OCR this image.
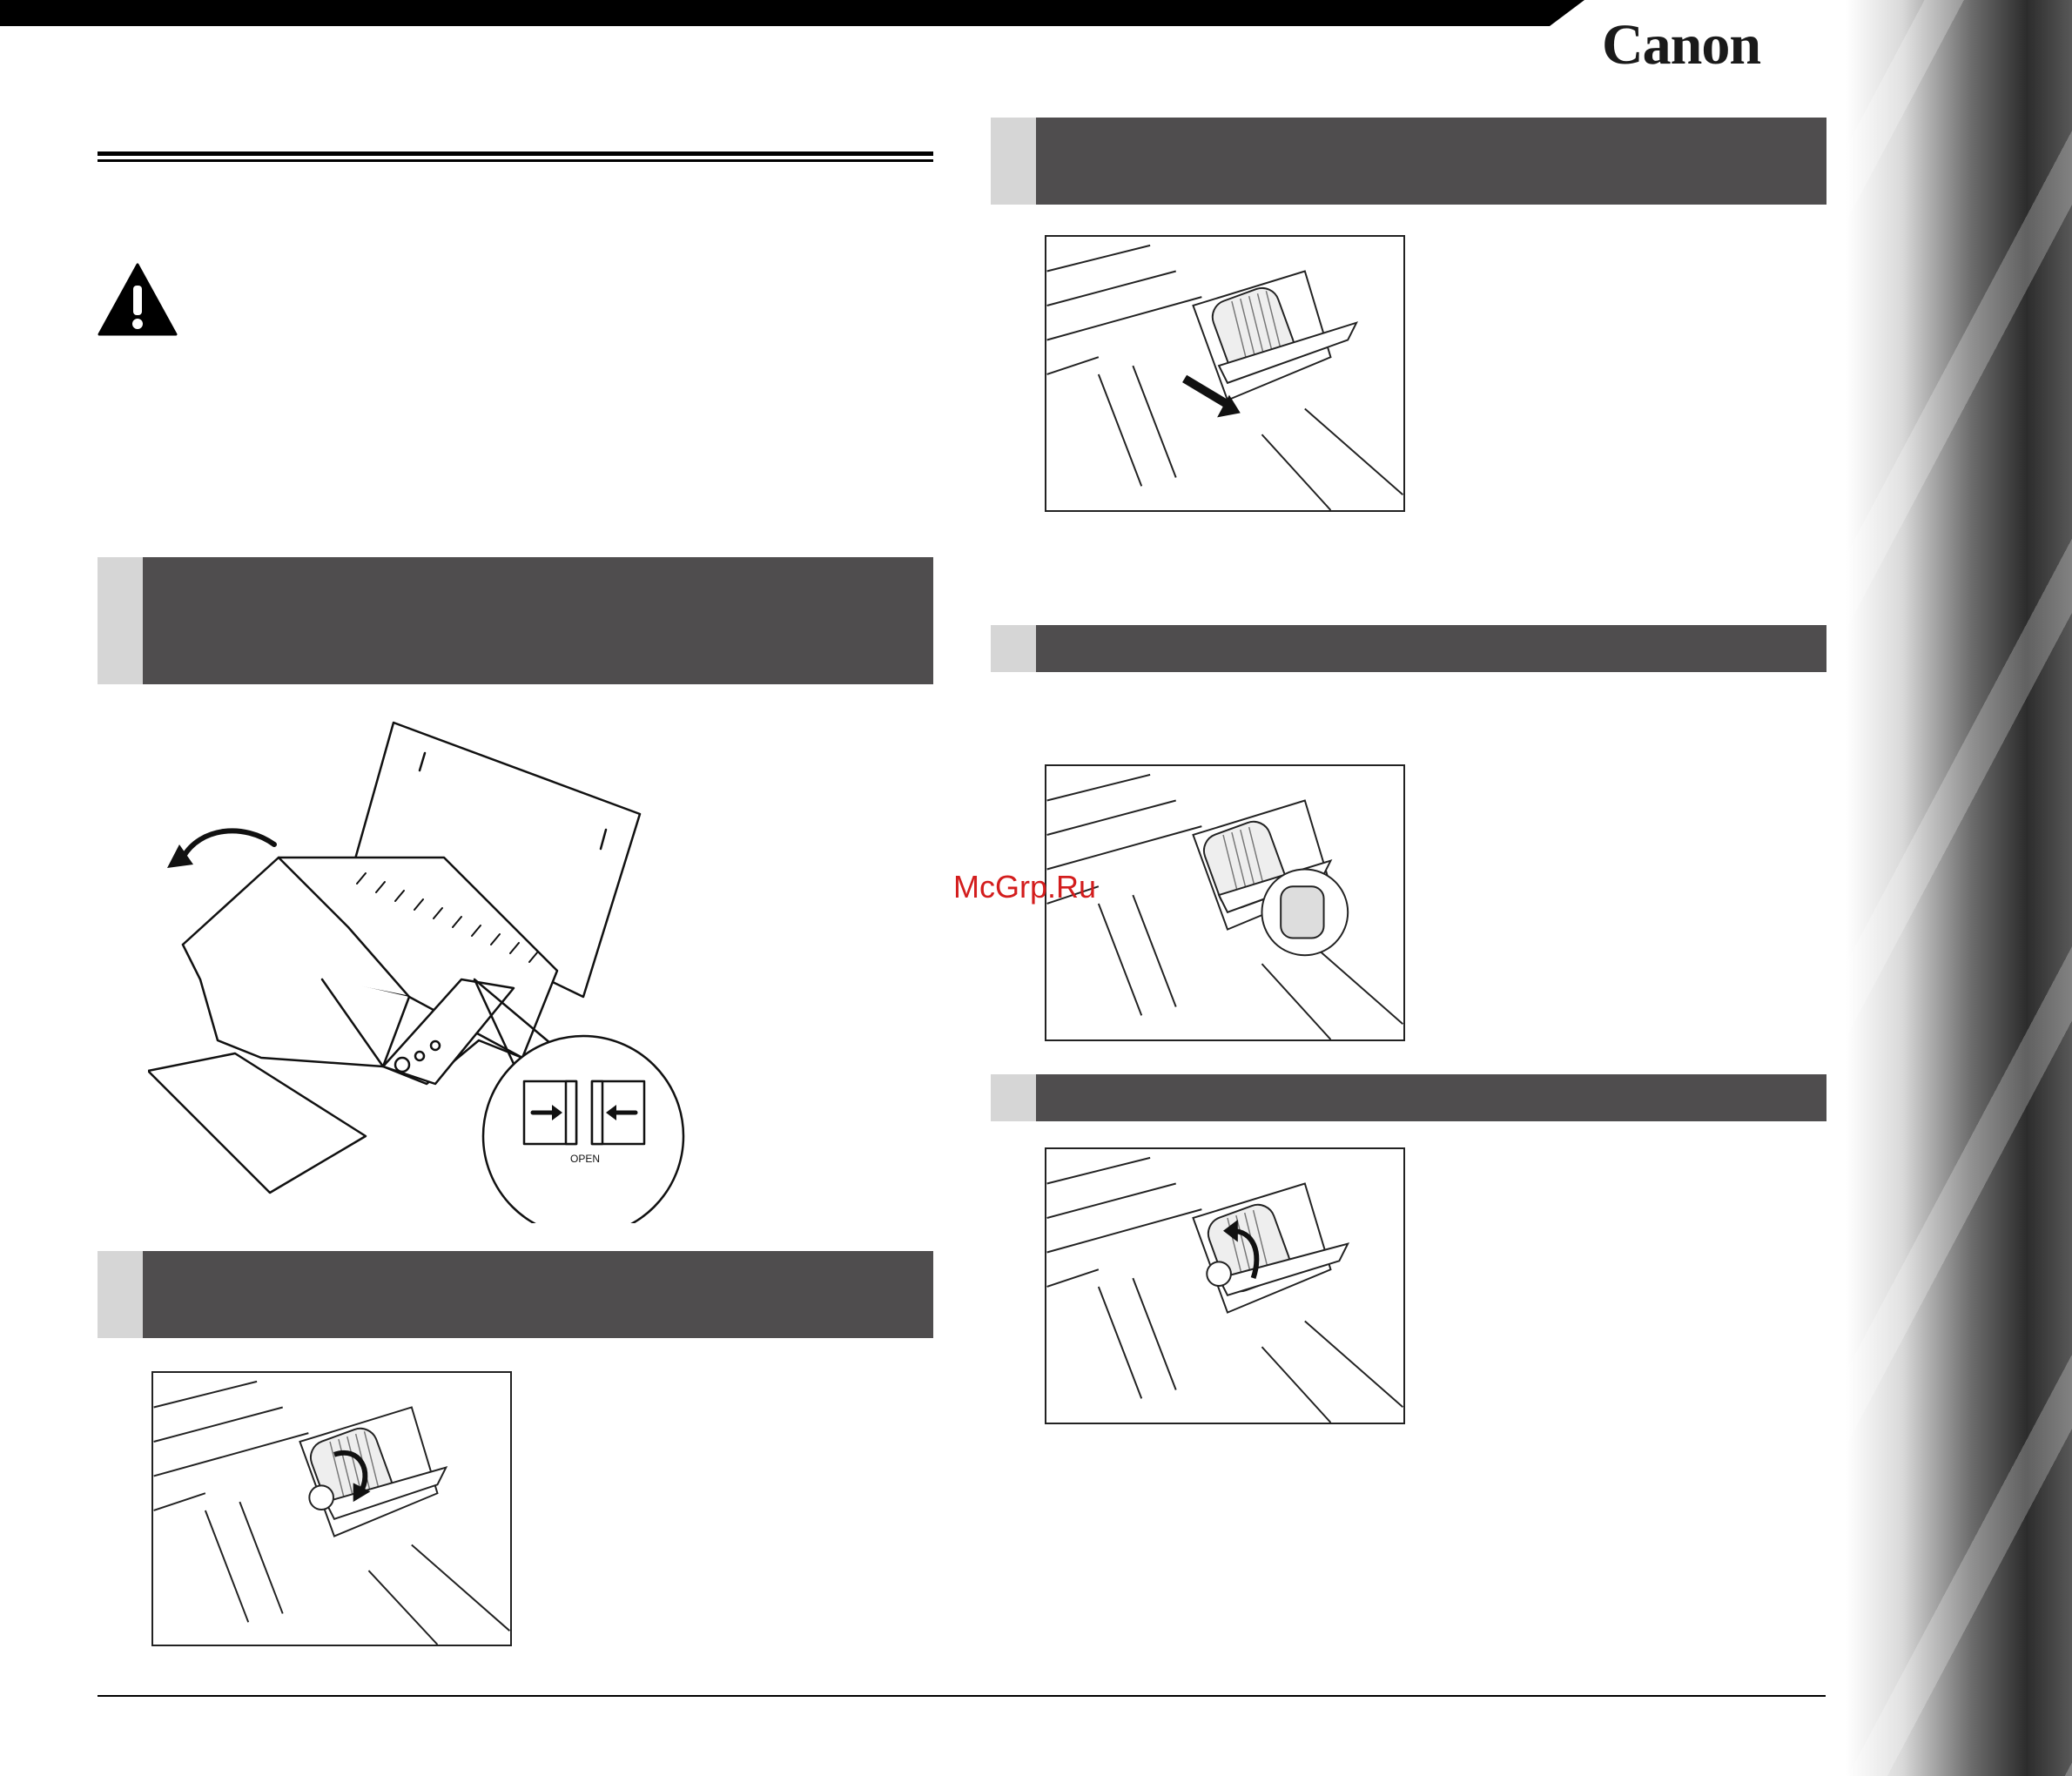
Canon
OPEN
McGrp.Ru
